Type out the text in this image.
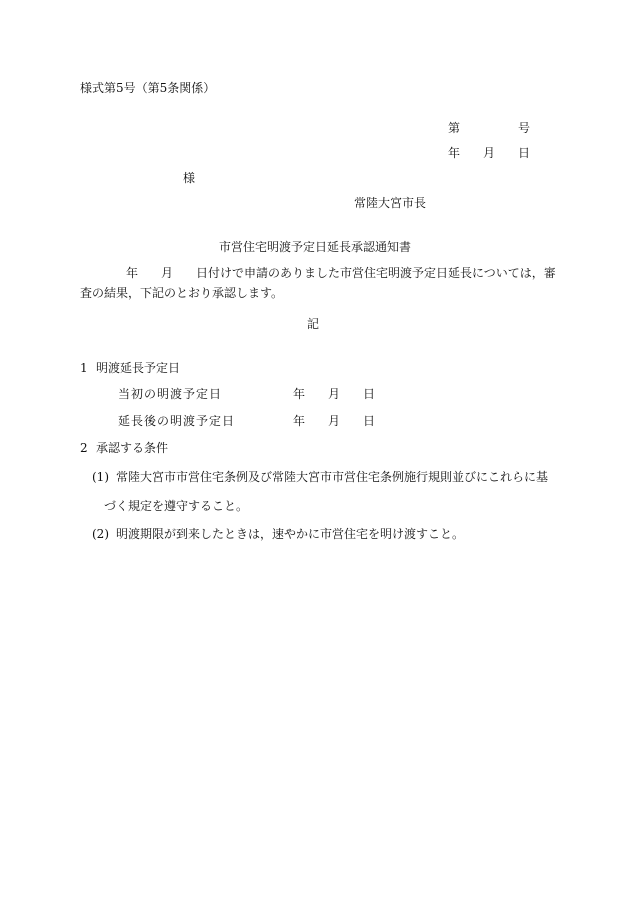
様式第5号（第5条関係）
第	号
年 月 日
様
常陸大宮市長
市営住宅明渡予定日延長承認通知書
年 月 日付けで申請のありました市営住宅明渡予定日延長については，審
査の結果，下記のとおり承認します。
記
1 明渡延長予定日
当初の明渡予定日	年 月 日
延長後の明渡予定日	年 月 日
2 承認する条件
(1) 常陸大宮市市営住宅条例及び常陸大宮市市営住宅条例施行規則並びにこれらに基
づく規定を遵守すること。
(2) 明渡期限が到来したときは，速やかに市営住宅を明け渡すこと。
